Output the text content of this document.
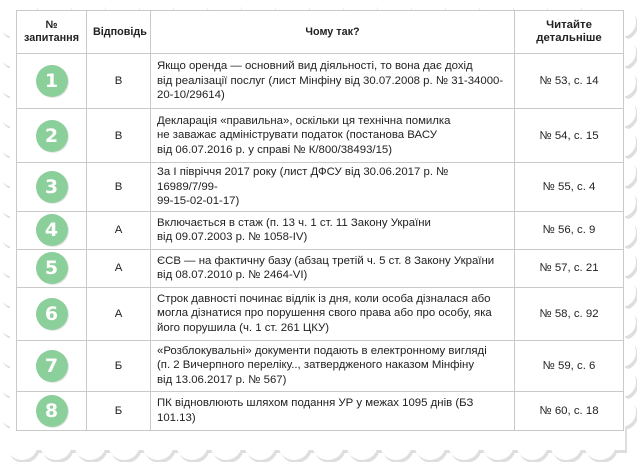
№
запитання	Відповідь	Чому так?	Читайте
детальніше
1	В	Якщо оренда — основний вид діяльності, то вона дає дохід
від реалізації послуг (лист Мінфіну від 30.07.2008 р. № 31-34000-
20-10/29614)	№ 53, с. 14
2	В	Декларація «правильна», оскільки ця технічна помилка
не заважає адмініструвати податок (постанова ВАСУ
від 06.07.2016 р. у справі № К/800/38493/15)	№ 54, с. 15
3	В	За І півріччя 2017 року (лист ДФСУ від 30.06.2017 р. № 16989/7/99-
99-15-02-01-17)	№ 55, с. 4
4	А	Включається в стаж (п. 13 ч. 1 ст. 11 Закону України
від 09.07.2003 р. № 1058-IV)	№ 56, с. 9
5	А	ЄСВ — на фактичну базу (абзац третій ч. 5 ст. 8 Закону України
від 08.07.2010 р. № 2464-VI)	№ 57, с. 21
6	А	Строк давності починає відлік із дня, коли особа дізналася або
могла дізнатися про порушення свого права або про особу, яка
його порушила (ч. 1 ст. 261 ЦКУ)	№ 58, с. 92
7	Б	«Розблокувальні» документи подають в електронному вигляді
(п. 2 Вичерпного переліку.., затвердженого наказом Мінфіну
від 13.06.2017 р. № 567)	№ 59, с. 6
8	Б	ПК відновлюють шляхом подання УР у межах 1095 днів (БЗ 101.13)	№ 60, с. 18
